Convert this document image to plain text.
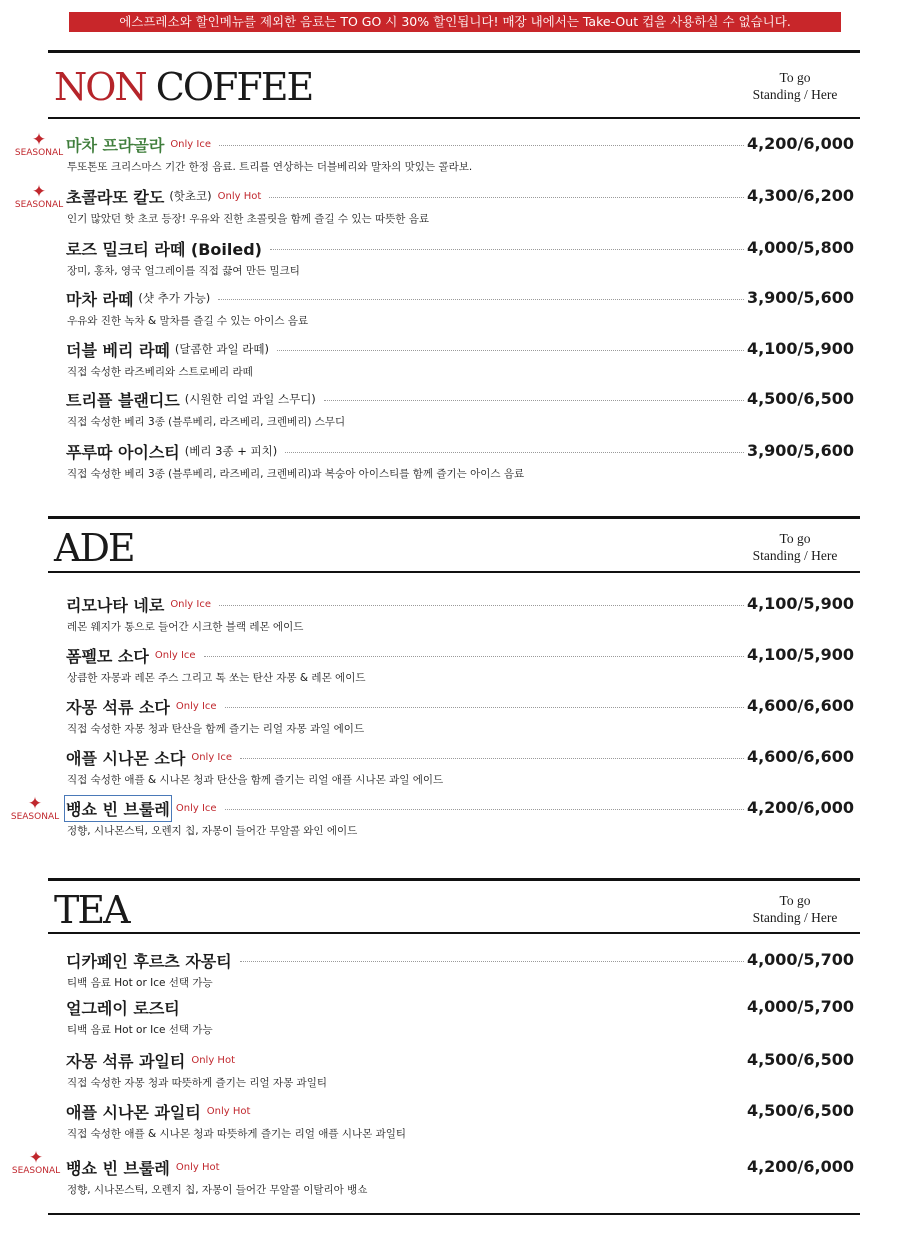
에스프레소와 할인메뉴를 제외한 음료는 TO GO 시 30% 할인됩니다! 매장 내에서는 Take-Out 컵을 사용하실 수 없습니다.
NON COFFEE	To go
Standing / Here
✦
SEASONAL 마차 프라골라 Only Ice	4,200/6,000
투또톤또 크리스마스 기간 한정 음료. 트리를 연상하는 더블베리와 말차의 맛있는 콜라보.
✦
SEASONAL 초콜라또 칼도 (핫초코) Only Hot	4,300/6,200
인기 많았던 핫 초코 등장! 우유와 진한 초콜릿을 함께 즐길 수 있는 따뜻한 음료
로즈 밀크티 라떼 (Boiled)	4,000/5,800
장미, 홍차, 영국 얼그레이를 직접 끓여 만든 밀크티
마차 라떼 (샷 추가 가능)	3,900/5,600
우유와 진한 녹차 & 말차를 즐길 수 있는 아이스 음료
더블 베리 라떼 (달콤한 과일 라떼)	4,100/5,900
직접 숙성한 라즈베리와 스트로베리 라떼
트리플 블랜디드 (시원한 리얼 과일 스무디)	4,500/6,500
직접 숙성한 베리 3종 (블루베리, 라즈베리, 크렌베리) 스무디
푸루따 아이스티 (베리 3종 + 피치)	3,900/5,600
직접 숙성한 베리 3종 (블루베리, 라즈베리, 크렌베리)과 복숭아 아이스티를 함께 즐기는 아이스 음료
ADE	To go
Standing / Here
리모나타 네로 Only Ice	4,100/5,900
레몬 웨지가 통으로 들어간 시크한 블랙 레몬 에이드
폼펠모 소다 Only Ice	4,100/5,900
상큼한 자몽과 레몬 주스 그리고 톡 쏘는 탄산 자몽 & 레몬 에이드
자몽 석류 소다 Only Ice	4,600/6,600
직접 숙성한 자몽 청과 탄산을 함께 즐기는 리얼 자몽 과일 에이드
애플 시나몬 소다 Only Ice	4,600/6,600
직접 숙성한 애플 & 시나몬 청과 탄산을 함께 즐기는 리얼 애플 시나몬 과일 에이드
✦
SEASONAL 뱅쇼 빈 브룰레 Only Ice	4,200/6,000
정향, 시나몬스틱, 오렌지 칩, 자몽이 들어간 무알콜 와인 에이드
TEA	To go
Standing / Here
디카페인 후르츠 자몽티	4,000/5,700
티백 음료 Hot or Ice 선택 가능
얼그레이 로즈티	4,000/5,700
티백 음료 Hot or Ice 선택 가능
자몽 석류 과일티 Only Hot	4,500/6,500
직접 숙성한 자몽 청과 따뜻하게 즐기는 리얼 자몽 과일티
애플 시나몬 과일티 Only Hot	4,500/6,500
직접 숙성한 애플 & 시나몬 청과 따뜻하게 즐기는 리얼 애플 시나몬 과일티
✦
SEASONAL 뱅쇼 빈 브룰레 Only Hot	4,200/6,000
정향, 시나몬스틱, 오렌지 칩, 자몽이 들어간 무알콜 이탈리아 뱅쇼
